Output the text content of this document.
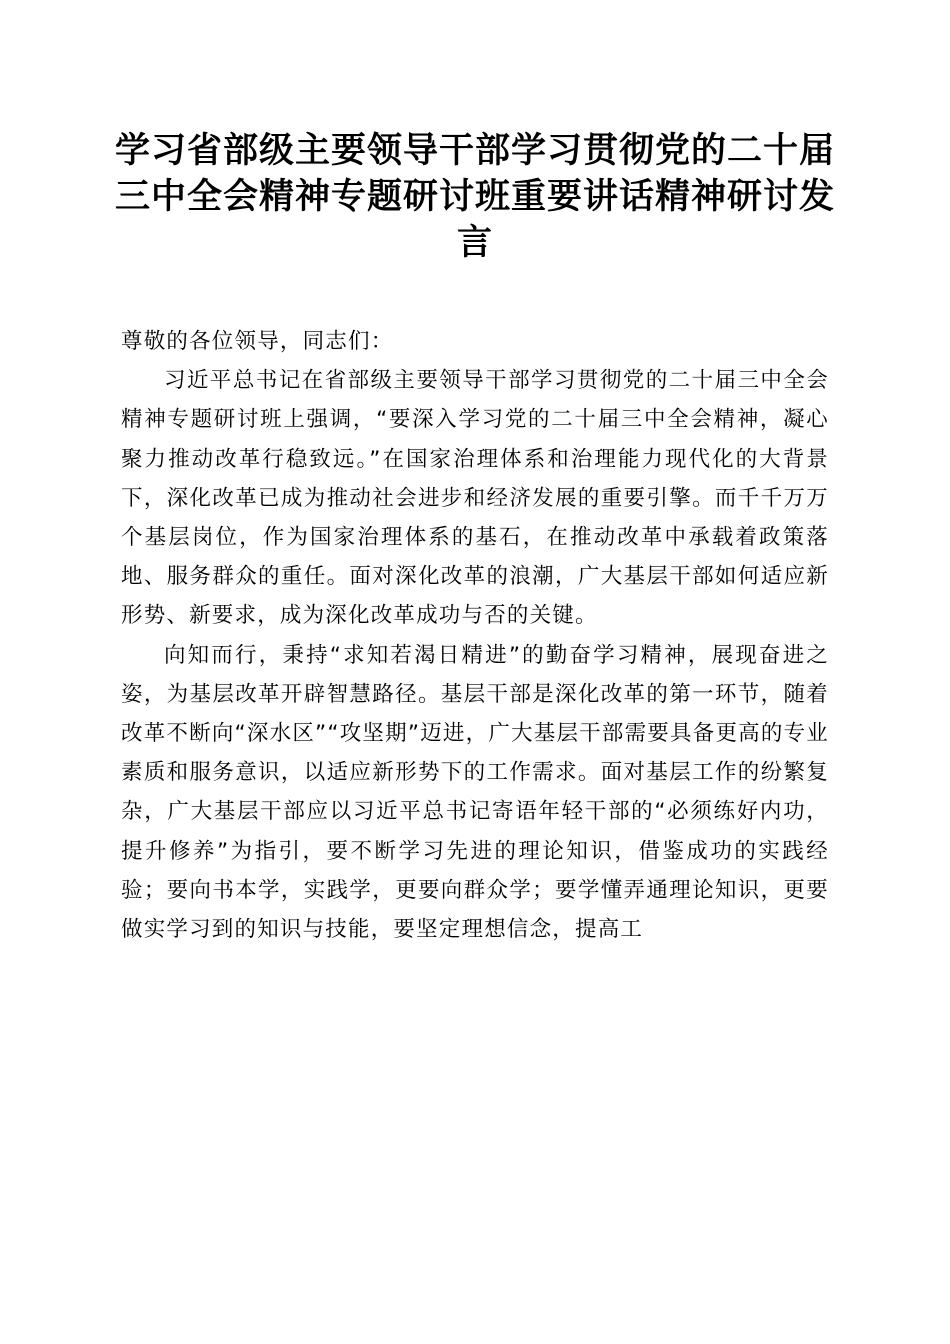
学习省部级主要领导干部学习贯彻党的二十届
三中全会精神专题研讨班重要讲话精神研讨发
言

尊敬的各位领导，同志们：

习近平总书记在省部级主要领导干部学习贯彻党的二十届三中全会精神专题研讨班上强调，“要深入学习党的二十届三中全会精神，凝心聚力推动改革行稳致远。”在国家治理体系和治理能力现代化的大背景下，深化改革已成为推动社会进步和经济发展的重要引擎。而千千万万个基层岗位，作为国家治理体系的基石，在推动改革中承载着政策落地、服务群众的重任。面对深化改革的浪潮，广大基层干部如何适应新形势、新要求，成为深化改革成功与否的关键。

向知而行，秉持“求知若渴日精进”的勤奋学习精神，展现奋进之姿，为基层改革开辟智慧路径。基层干部是深化改革的第一环节，随着改革不断向“深水区”“攻坚期”迈进，广大基层干部需要具备更高的专业素质和服务意识，以适应新形势下的工作需求。面对基层工作的纷繁复杂，广大基层干部应以习近平总书记寄语年轻干部的“必须练好内功，提升修养”为指引，要不断学习先进的理论知识，借鉴成功的实践经验；要向书本学，实践学，更要向群众学；要学懂弄通理论知识，更要做实学习到的知识与技能，要坚定理想信念，提高工
